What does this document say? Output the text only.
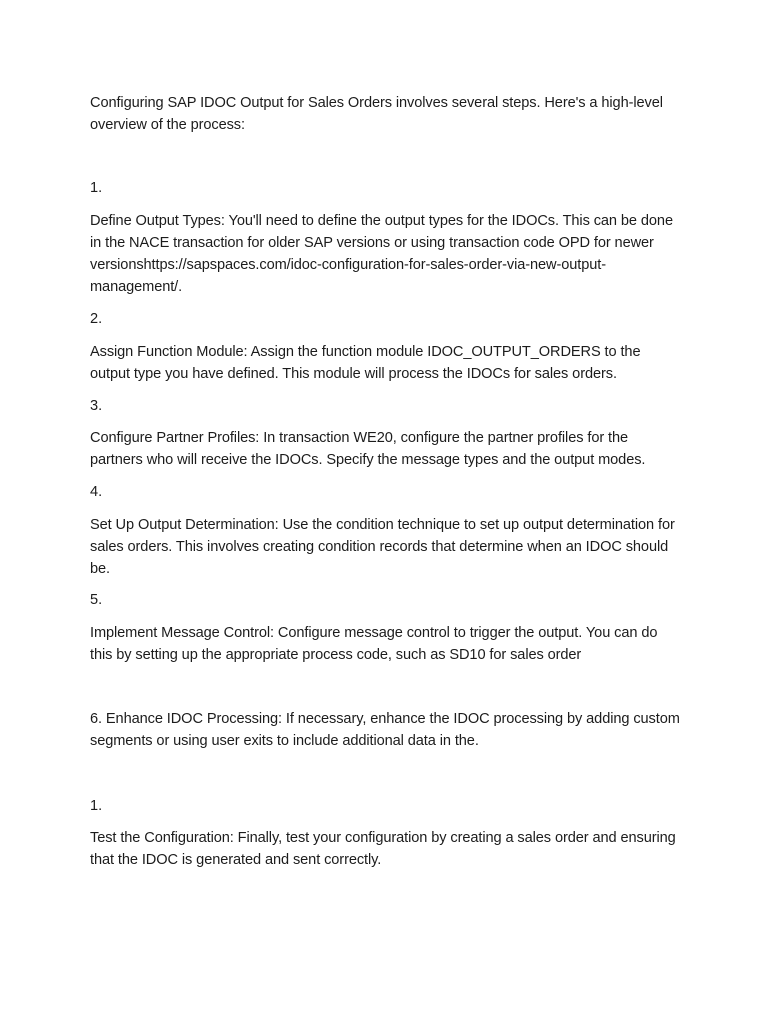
Configuring SAP IDOC Output for Sales Orders involves several steps. Here's a high-level overview of the process:

1.

Define Output Types: You'll need to define the output types for the IDOCs. This can be done in the NACE transaction for older SAP versions or using transaction code OPD for newer versionshttps://sapspaces.com/idoc-configuration-for-sales-order-via-new-output-management/.

2.

Assign Function Module: Assign the function module IDOC_OUTPUT_ORDERS to the output type you have defined. This module will process the IDOCs for sales orders.

3.

Configure Partner Profiles: In transaction WE20, configure the partner profiles for the partners who will receive the IDOCs. Specify the message types and the output modes.

4.

Set Up Output Determination: Use the condition technique to set up output determination for sales orders. This involves creating condition records that determine when an IDOC should be.

5.

Implement Message Control: Configure message control to trigger the output. You can do this by setting up the appropriate process code, such as SD10 for sales order

6. Enhance IDOC Processing: If necessary, enhance the IDOC processing by adding custom segments or using user exits to include additional data in the.

1.

Test the Configuration: Finally, test your configuration by creating a sales order and ensuring that the IDOC is generated and sent correctly.
